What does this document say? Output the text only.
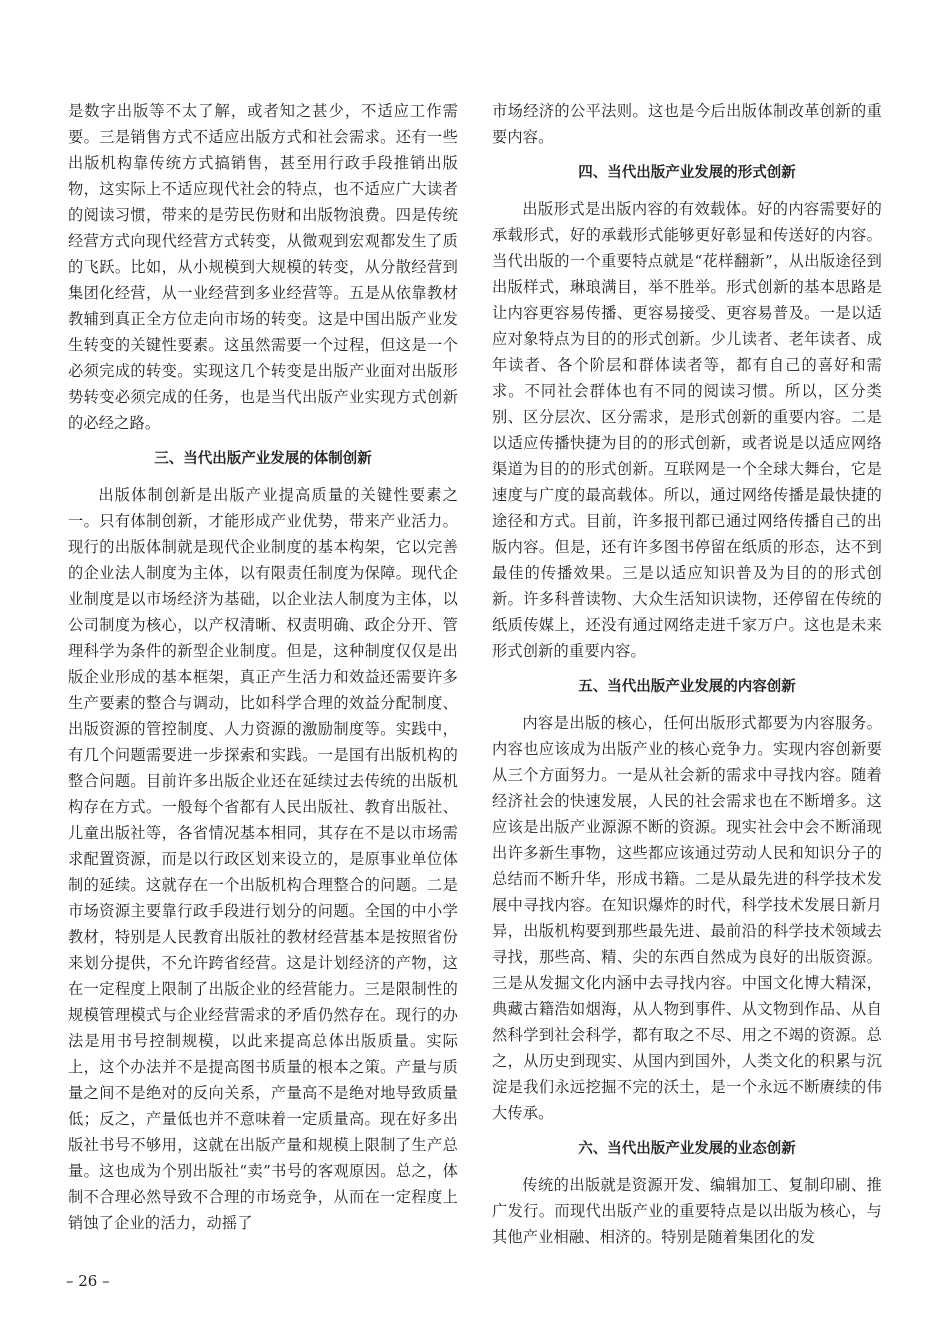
是数字出版等不太了解，或者知之甚少，不适应工作需要。三是销售方式不适应出版方式和社会需求。还有一些出版机构靠传统方式搞销售，甚至用行政手段推销出版物，这实际上不适应现代社会的特点，也不适应广大读者的阅读习惯，带来的是劳民伤财和出版物浪费。四是传统经营方式向现代经营方式转变，从微观到宏观都发生了质的飞跃。比如，从小规模到大规模的转变，从分散经营到集团化经营，从一业经营到多业经营等。五是从依靠教材教辅到真正全方位走向市场的转变。这是中国出版产业发生转变的关键性要素。这虽然需要一个过程，但这是一个必须完成的转变。实现这几个转变是出版产业面对出版形势转变必须完成的任务，也是当代出版产业实现方式创新的必经之路。

三、当代出版产业发展的体制创新

出版体制创新是出版产业提高质量的关键性要素之一。只有体制创新，才能形成产业优势，带来产业活力。现行的出版体制就是现代企业制度的基本构架，它以完善的企业法人制度为主体，以有限责任制度为保障。现代企业制度是以市场经济为基础，以企业法人制度为主体，以公司制度为核心，以产权清晰、权责明确、政企分开、管理科学为条件的新型企业制度。但是，这种制度仅仅是出版企业形成的基本框架，真正产生活力和效益还需要许多生产要素的整合与调动，比如科学合理的效益分配制度、出版资源的管控制度、人力资源的激励制度等。实践中，有几个问题需要进一步探索和实践。一是国有出版机构的整合问题。目前许多出版企业还在延续过去传统的出版机构存在方式。一般每个省都有人民出版社、教育出版社、儿童出版社等，各省情况基本相同，其存在不是以市场需求配置资源，而是以行政区划来设立的，是原事业单位体制的延续。这就存在一个出版机构合理整合的问题。二是市场资源主要靠行政手段进行划分的问题。全国的中小学教材，特别是人民教育出版社的教材经营基本是按照省份来划分提供，不允许跨省经营。这是计划经济的产物，这在一定程度上限制了出版企业的经营能力。三是限制性的规模管理模式与企业经营需求的矛盾仍然存在。现行的办法是用书号控制规模，以此来提高总体出版质量。实际上，这个办法并不是提高图书质量的根本之策。产量与质量之间不是绝对的反向关系，产量高不是绝对地导致质量低；反之，产量低也并不意味着一定质量高。现在好多出版社书号不够用，这就在出版产量和规模上限制了生产总量。这也成为个别出版社“卖”书号的客观原因。总之，体制不合理必然导致不合理的市场竞争，从而在一定程度上销蚀了企业的活力，动摇了

市场经济的公平法则。这也是今后出版体制改革创新的重要内容。

四、当代出版产业发展的形式创新

出版形式是出版内容的有效载体。好的内容需要好的承载形式，好的承载形式能够更好彰显和传送好的内容。当代出版的一个重要特点就是“花样翻新”，从出版途径到出版样式，琳琅满目，举不胜举。形式创新的基本思路是让内容更容易传播、更容易接受、更容易普及。一是以适应对象特点为目的的形式创新。少儿读者、老年读者、成年读者、各个阶层和群体读者等，都有自己的喜好和需求。不同社会群体也有不同的阅读习惯。所以，区分类别、区分层次、区分需求，是形式创新的重要内容。二是以适应传播快捷为目的的形式创新，或者说是以适应网络渠道为目的的形式创新。互联网是一个全球大舞台，它是速度与广度的最高载体。所以，通过网络传播是最快捷的途径和方式。目前，许多报刊都已通过网络传播自己的出版内容。但是，还有许多图书停留在纸质的形态，达不到最佳的传播效果。三是以适应知识普及为目的的形式创新。许多科普读物、大众生活知识读物，还停留在传统的纸质传媒上，还没有通过网络走进千家万户。这也是未来形式创新的重要内容。

五、当代出版产业发展的内容创新

内容是出版的核心，任何出版形式都要为内容服务。内容也应该成为出版产业的核心竞争力。实现内容创新要从三个方面努力。一是从社会新的需求中寻找内容。随着经济社会的快速发展，人民的社会需求也在不断增多。这应该是出版产业源源不断的资源。现实社会中会不断涌现出许多新生事物，这些都应该通过劳动人民和知识分子的总结而不断升华，形成书籍。二是从最先进的科学技术发展中寻找内容。在知识爆炸的时代，科学技术发展日新月异，出版机构要到那些最先进、最前沿的科学技术领域去寻找，那些高、精、尖的东西自然成为良好的出版资源。三是从发掘文化内涵中去寻找内容。中国文化博大精深，典藏古籍浩如烟海，从人物到事件、从文物到作品、从自然科学到社会科学，都有取之不尽、用之不竭的资源。总之，从历史到现实、从国内到国外，人类文化的积累与沉淀是我们永远挖掘不完的沃土，是一个永远不断赓续的伟大传承。

六、当代出版产业发展的业态创新

传统的出版就是资源开发、编辑加工、复制印刷、推广发行。而现代出版产业的重要特点是以出版为核心，与其他产业相融、相济的。特别是随着集团化的发

– 26 –
